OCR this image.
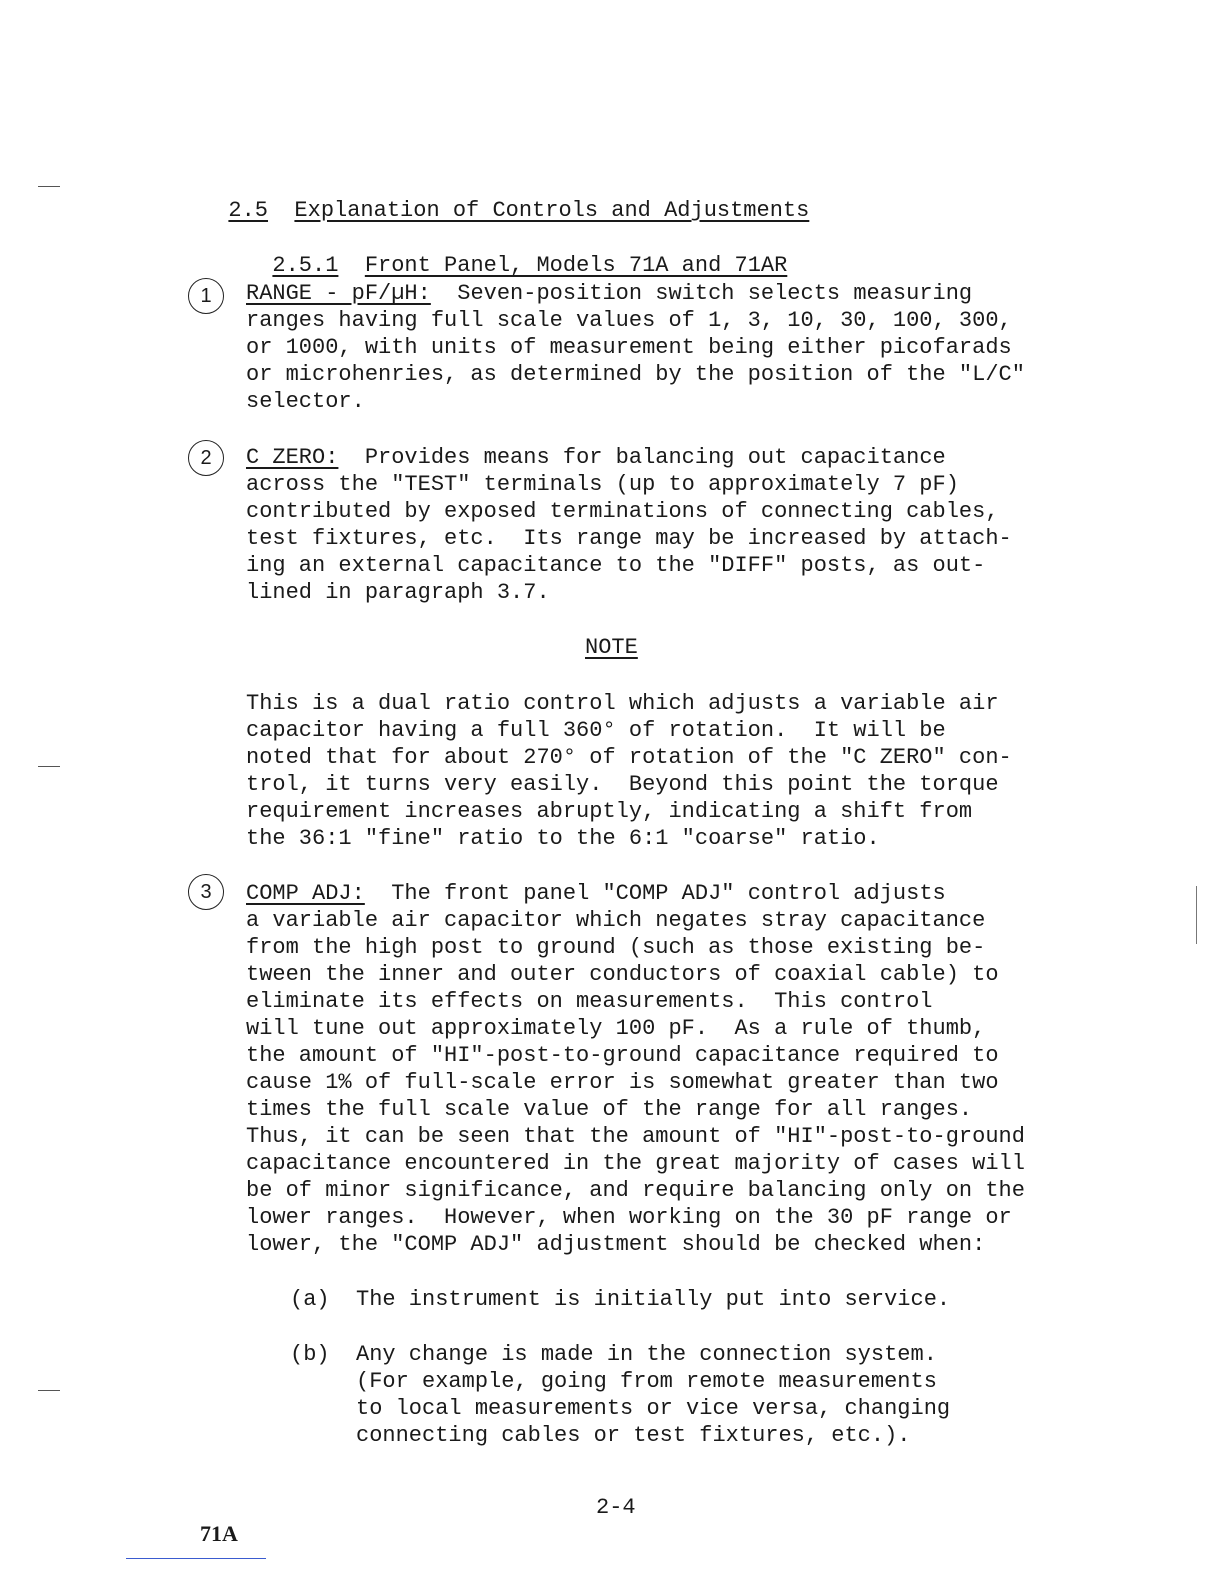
2.5 Explanation of Controls and Adjustments

2.5.1 Front Panel, Models 71A and 71AR

1	RANGE - pF/µH: Seven-position switch selects measuring
ranges having full scale values of 1, 3, 10, 30, 100, 300,
or 1000, with units of measurement being either picofarads
or microhenries, as determined by the position of the "L/C"
selector.
2	C ZERO: Provides means for balancing out capacitance
across the "TEST" terminals (up to approximately 7 pF)
contributed by exposed terminations of connecting cables,
test fixtures, etc.  Its range may be increased by attach-
ing an external capacitance to the "DIFF" posts, as out-
lined in paragraph 3.7.
NOTE
This is a dual ratio control which adjusts a variable air
capacitor having a full 360° of rotation.  It will be
noted that for about 270° of rotation of the "C ZERO" con-
trol, it turns very easily.  Beyond this point the torque
requirement increases abruptly, indicating a shift from
the 36:1 "fine" ratio to the 6:1 "coarse" ratio.
3	COMP ADJ: The front panel "COMP ADJ" control adjusts
a variable air capacitor which negates stray capacitance
from the high post to ground (such as those existing be-
tween the inner and outer conductors of coaxial cable) to
eliminate its effects on measurements.  This control
will tune out approximately 100 pF.  As a rule of thumb,
the amount of "HI"-post-to-ground capacitance required to
cause 1% of full-scale error is somewhat greater than two
times the full scale value of the range for all ranges.
Thus, it can be seen that the amount of "HI"-post-to-ground
capacitance encountered in the great majority of cases will
be of minor significance, and require balancing only on the
lower ranges.  However, when working on the 30 pF range or
lower, the "COMP ADJ" adjustment should be checked when:
(a) The instrument is initially put into service.
(b) Any change is made in the connection system.
(For example, going from remote measurements
to local measurements or vice versa, changing
connecting cables or test fixtures, etc.).
2-4
71A
